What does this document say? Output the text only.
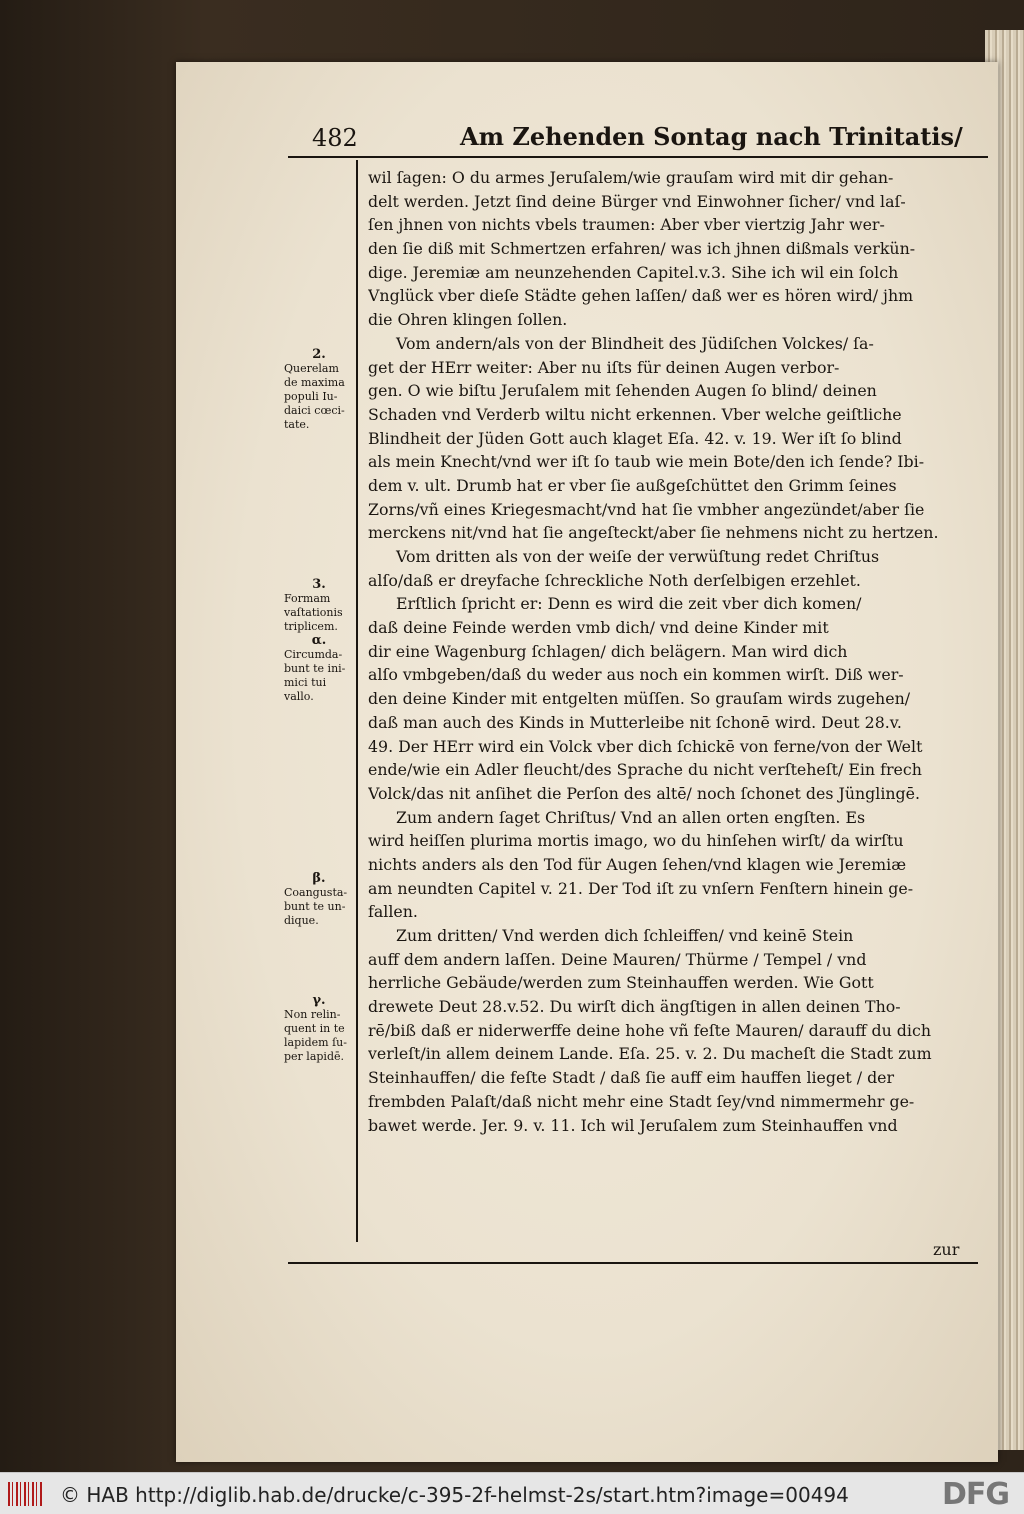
482	Am Zehenden Sontag nach Trinitatis/
wil ſagen: O du armes Jeruſalem/wie grauſam wird mit dir gehan-
delt werden. Jetzt ſind deine Bürger vnd Einwohner ſicher/ vnd laſ-
ſen jhnen von nichts vbels traumen: Aber vber viertzig Jahr wer-
den ſie diß mit Schmertzen erfahren/ was ich jhnen dißmals verkün-
dige. Jeremiæ am neunzehenden Capitel.v.3. Sihe ich wil ein ſolch
Vnglück vber dieſe Städte gehen laſſen/ daß wer es hören wird/ jhm
die Ohren klingen ſollen.
Vom andern/als von der Blindheit des Jüdiſchen Volckes/ ſa-
get der HErr weiter: Aber nu iſts für deinen Augen verbor-
gen. O wie biſtu Jeruſalem mit ſehenden Augen ſo blind/ deinen
Schaden vnd Verderb wiltu nicht erkennen. Vber welche geiſtliche
Blindheit der Jüden Gott auch klaget Eſa. 42. v. 19. Wer iſt ſo blind
als mein Knecht/vnd wer iſt ſo taub wie mein Bote/den ich ſende? Ibi-
dem v. ult. Drumb hat er vber ſie außgeſchüttet den Grimm ſeines
Zorns/vñ eines Kriegesmacht/vnd hat ſie vmbher angezündet/aber ſie
merckens nit/vnd hat ſie angeſteckt/aber ſie nehmens nicht zu hertzen.
Vom dritten als von der weiſe der verwüſtung redet Chriſtus
alſo/daß er dreyfache ſchreckliche Noth derſelbigen erzehlet.
Erſtlich ſpricht er: Denn es wird die zeit vber dich komen/
daß deine Feinde werden vmb dich/ vnd deine Kinder mit
dir eine Wagenburg ſchlagen/ dich belägern. Man wird dich
alſo vmbgeben/daß du weder aus noch ein kommen wirſt. Diß wer-
den deine Kinder mit entgelten müſſen. So grauſam wirds zugehen/
daß man auch des Kinds in Mutterleibe nit ſchonē wird. Deut 28.v.
49. Der HErr wird ein Volck vber dich ſchickē von ferne/von der Welt
ende/wie ein Adler fleucht/des Sprache du nicht verſteheſt/ Ein frech
Volck/das nit anſihet die Perſon des altē/ noch ſchonet des Jünglingē.
Zum andern ſaget Chriſtus/ Vnd an allen orten engſten. Es
wird heiſſen plurima mortis imago, wo du hinſehen wirſt/ da wirſtu
nichts anders als den Tod für Augen ſehen/vnd klagen wie Jeremiæ
am neundten Capitel v. 21. Der Tod iſt zu vnſern Fenſtern hinein ge-
fallen.
Zum dritten/ Vnd werden dich ſchleiffen/ vnd keinē Stein
auff dem andern laſſen. Deine Mauren/ Thürme / Tempel / vnd
herrliche Gebäude/werden zum Steinhauffen werden. Wie Gott
drewete Deut 28.v.52. Du wirſt dich ängſtigen in allen deinen Tho-
rē/biß daß er niderwerffe deine hohe vñ feſte Mauren/ darauff du dich
verleſt/in allem deinem Lande. Eſa. 25. v. 2. Du macheſt die Stadt zum
Steinhauffen/ die feſte Stadt / daß ſie auff eim hauffen lieget / der
frembden Palaſt/daß nicht mehr eine Stadt ſey/vnd nimmermehr ge-
bawet werde. Jer. 9. v. 11. Ich wil Jeruſalem zum Steinhauffen vnd
zur
2.
Querelam
de maxima
populi Iu-
daici cœci-
tate.
3.
Formam
vaſtationis
triplicem.
α.
Circumda-
bunt te ini-
mici tui
vallo.
β.
Coangusta-
bunt te un-
dique.
γ.
Non relin-
quent in te
lapidem ſu-
per lapidē.
© HAB http://diglib.hab.de/drucke/c-395-2f-helmst-2s/start.htm?image=00494	DFG
